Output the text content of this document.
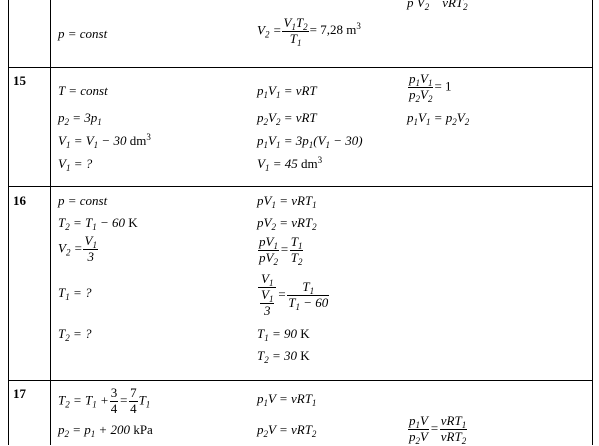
p $V_2$    νRT$_2$
p = const	$V_2 = \frac{V_1T_2}{T_1} = 7,28$ $m^3$
15
T = const
$p_2 = 3p_1$
$V_1 = V_1 - 30$ $dm^3$
$V_1$ = ?
$p_1V_1 = \nu RT$
$p_2V_2 = \nu RT$
$p_1V_1 = 3p_1(V_1 - 30)$
$V_1 = 45$ $dm^3$
$\frac{p_1V_1}{p_2V_2} = 1$
$p_1V_1 = p_2V_2$
16 p = const
$T_2 = T_1 - 60$ K
$V_2 = \frac{V_1}{3}$
$T_1$ = ?
$T_2$ = ?
$pV_1 = \nu RT_1$
$pV_2 = \nu RT_2$
$\frac{pV_1}{pV_2} = \frac{T_1}{T_2}$
$\frac{V_1}{\frac{V_1}{3}} = \frac{T_1}{T_1 - 60}$
$T_1 = 90$ K
$T_2 = 30$ K
17 $T_2 = T_1 + \frac{3}{4} = \frac{7}{4} T_1$
$p_2 = p_1 + 200$ kPa
$p_1V = \nu RT_1$
$p_2V = \nu RT_2$	$\frac{p_1V}{p_2V} = \frac{\nu RT_1}{\nu RT_2}$
